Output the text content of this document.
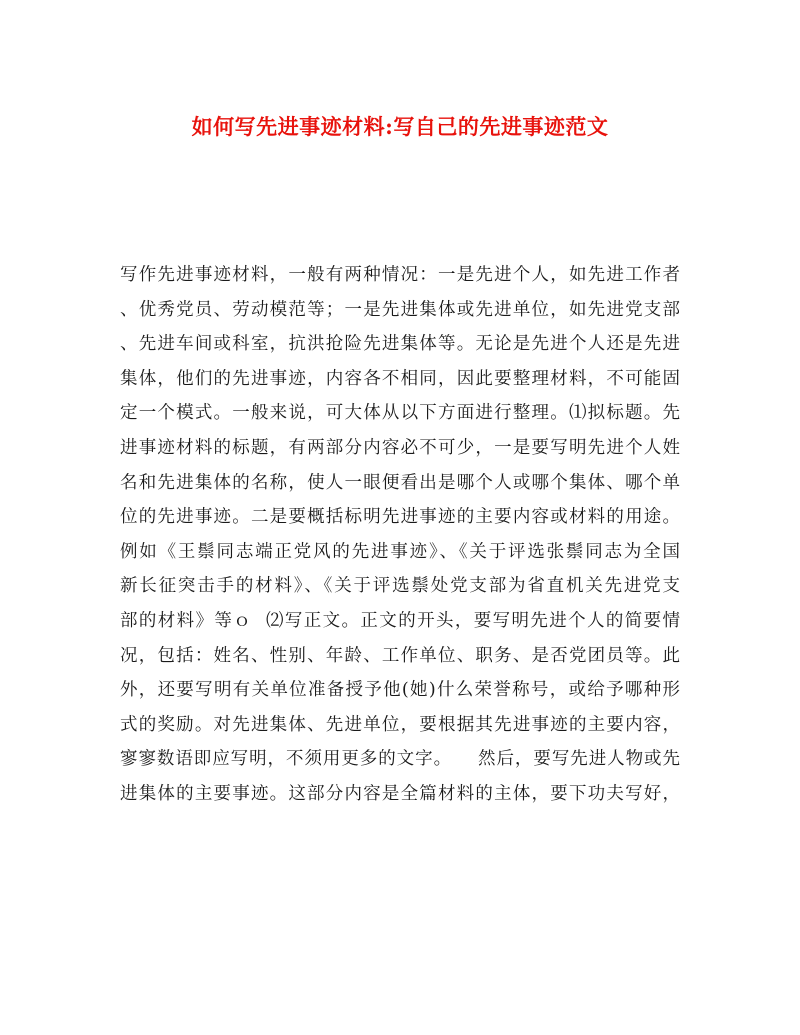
如何写先进事迹材料:写自己的先进事迹范文
写作先进事迹材料，一般有两种情况：一是先进个人，如先进工作者
、优秀党员、劳动模范等；一是先进集体或先进单位，如先进党支部
、先进车间或科室，抗洪抢险先进集体等。无论是先进个人还是先进
集体，他们的先进事迹，内容各不相同，因此要整理材料，不可能固
定一个模式。一般来说，可大体从以下方面进行整理。⑴拟标题。先
进事迹材料的标题，有两部分内容必不可少，一是要写明先进个人姓
名和先进集体的名称，使人一眼便看出是哪个人或哪个集体、哪个单
位的先进事迹。二是要概括标明先进事迹的主要内容或材料的用途。
例如《王鬃同志端正党风的先进事迹》、《关于评选张鬃同志为全国
新长征突击手的材料》、《关于评选鬃处党支部为省直机关先进党支
部的材料》等ｏ  ⑵写正文。正文的开头，要写明先进个人的简要情
况，包括：姓名、性别、年龄、工作单位、职务、是否党团员等。此
外，还要写明有关单位准备授予他(她)什么荣誉称号，或给予哪种形
式的奖励。对先进集体、先进单位，要根据其先进事迹的主要内容，
寥寥数语即应写明，不须用更多的文字。    然后，要写先进人物或先
进集体的主要事迹。这部分内容是全篇材料的主体，要下功夫写好，
